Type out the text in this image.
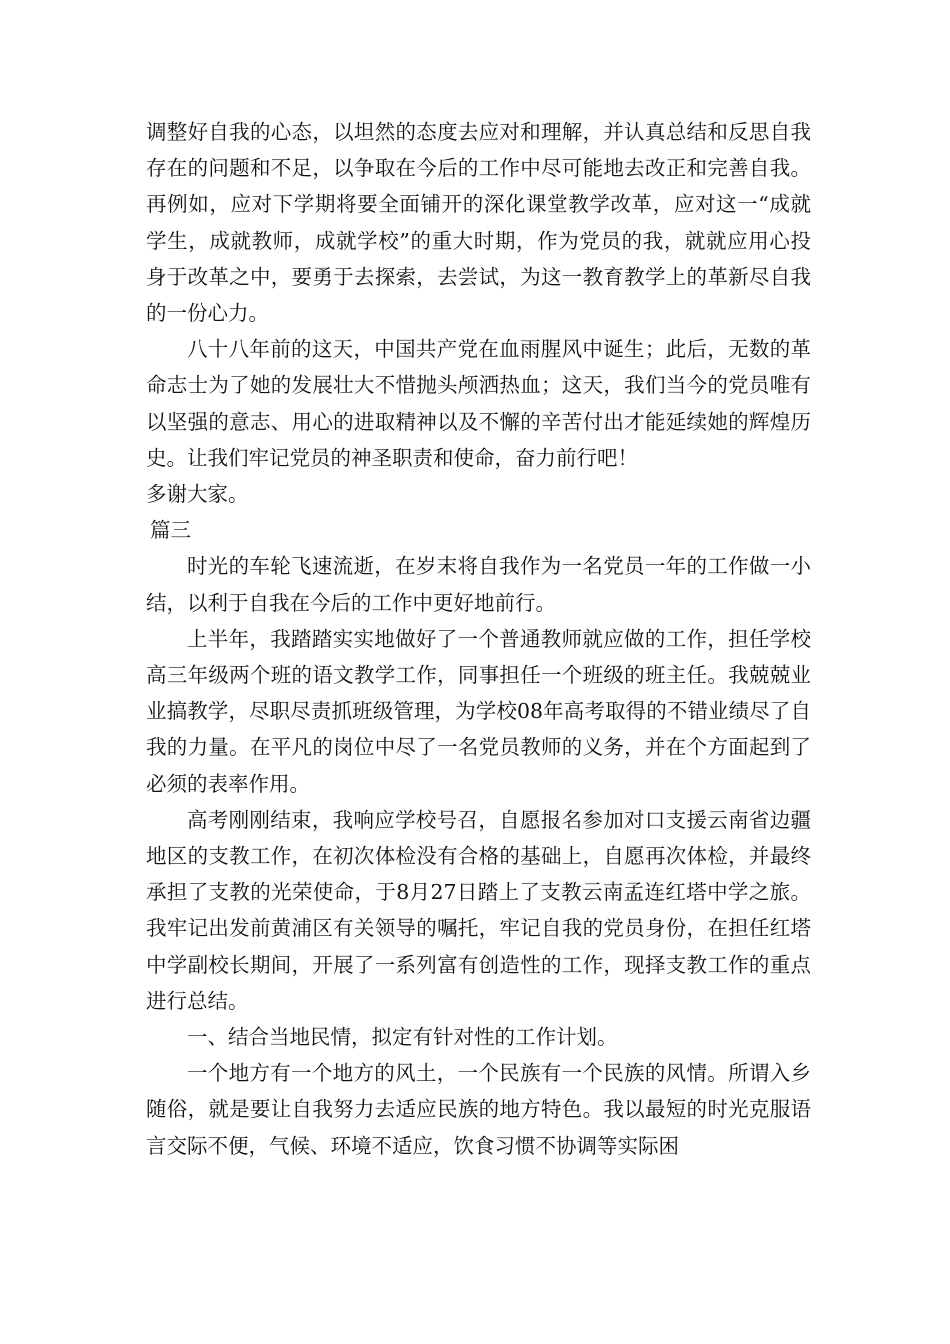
调整好自我的心态，以坦然的态度去应对和理解，并认真总结和反思自我存在的问题和不足，以争取在今后的工作中尽可能地去改正和完善自我。再例如，应对下学期将要全面铺开的深化课堂教学改革，应对这一“成就学生，成就教师，成就学校”的重大时期，作为党员的我，就就应用心投身于改革之中，要勇于去探索，去尝试，为这一教育教学上的革新尽自我的一份心力。

八十八年前的这天，中国共产党在血雨腥风中诞生；此后，无数的革命志士为了她的发展壮大不惜抛头颅洒热血；这天，我们当今的党员唯有以坚强的意志、用心的进取精神以及不懈的辛苦付出才能延续她的辉煌历史。让我们牢记党员的神圣职责和使命，奋力前行吧！

多谢大家。

篇三

时光的车轮飞速流逝，在岁末将自我作为一名党员一年的工作做一小结，以利于自我在今后的工作中更好地前行。

上半年，我踏踏实实地做好了一个普通教师就应做的工作，担任学校高三年级两个班的语文教学工作，同事担任一个班级的班主任。我兢兢业业搞教学，尽职尽责抓班级管理，为学校08年高考取得的不错业绩尽了自我的力量。在平凡的岗位中尽了一名党员教师的义务，并在个方面起到了必须的表率作用。

高考刚刚结束，我响应学校号召，自愿报名参加对口支援云南省边疆地区的支教工作，在初次体检没有合格的基础上，自愿再次体检，并最终承担了支教的光荣使命，于8月27日踏上了支教云南孟连红塔中学之旅。我牢记出发前黄浦区有关领导的嘱托，牢记自我的党员身份，在担任红塔中学副校长期间，开展了一系列富有创造性的工作，现择支教工作的重点进行总结。

一、结合当地民情，拟定有针对性的工作计划。

一个地方有一个地方的风土，一个民族有一个民族的风情。所谓入乡随俗，就是要让自我努力去适应民族的地方特色。我以最短的时光克服语言交际不便，气候、环境不适应，饮食习惯不协调等实际困
